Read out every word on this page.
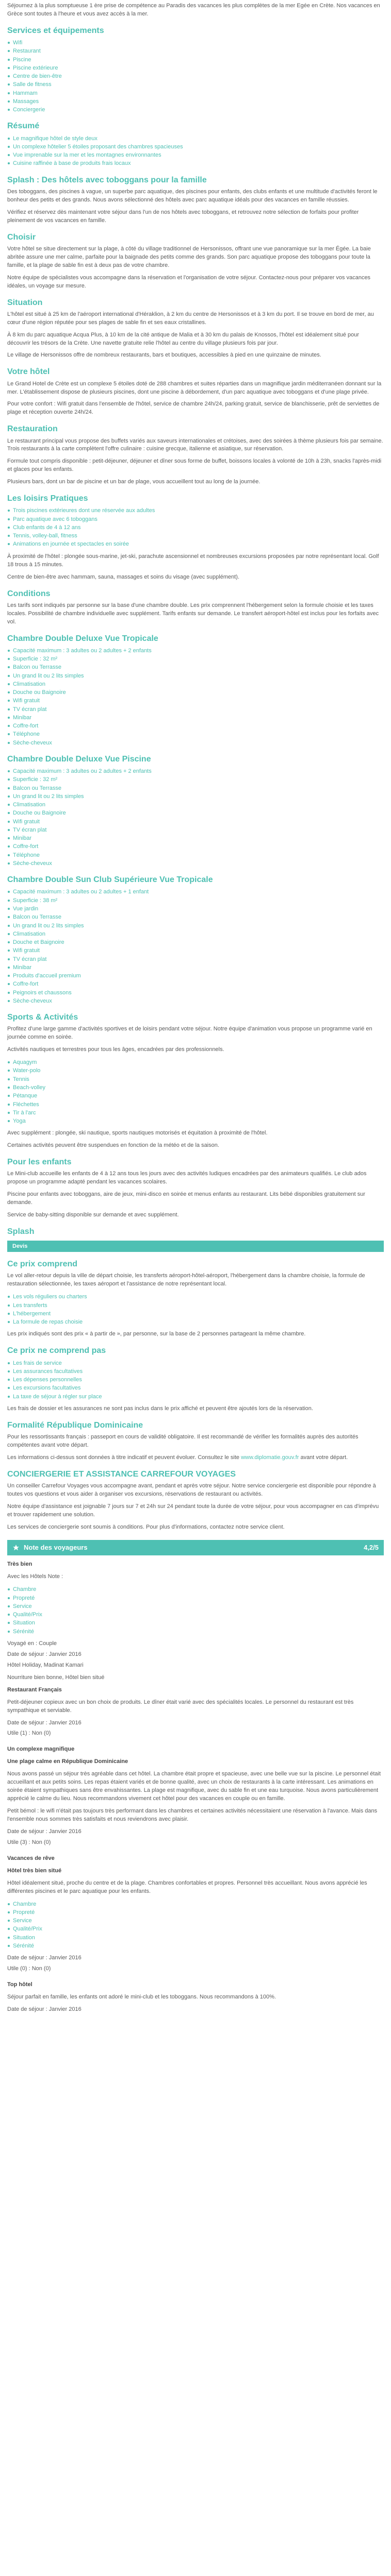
Séjournez à la plus somptueuse 1 ère prise de compétence au Paradis des vacances les plus complètes de la mer Egée en Crète. Nos vacances en Grèce sont toutes à l'heure et vous avez accès à la mer.

Services et équipements
Wifi
Restaurant
Piscine
Piscine extérieure
Centre de bien-être
Salle de fitness
Hammam
Massages
Conciergerie
Résumé
Le magnifique hôtel de style deux
Un complexe hôtelier 5 étoiles proposant des chambres spacieuses
Vue imprenable sur la mer et les montagnes environnantes
Cuisine raffinée à base de produits frais locaux
Splash : Des hôtels avec toboggans pour la famille

Des toboggans, des piscines à vague, un superbe parc aquatique, des piscines pour enfants, des clubs enfants et une multitude d'activités feront le bonheur des petits et des grands. Nous avons sélectionné des hôtels avec parc aquatique idéals pour des vacances en famille réussies.

Vérifiez et réservez dès maintenant votre séjour dans l'un de nos hôtels avec toboggans, et retrouvez notre sélection de forfaits pour profiter pleinement de vos vacances en famille.

Choisir

Votre hôtel se situe directement sur la plage, à côté du village traditionnel de Hersonissos, offrant une vue panoramique sur la mer Égée. La baie abritée assure une mer calme, parfaite pour la baignade des petits comme des grands. Son parc aquatique propose des toboggans pour toute la famille, et la plage de sable fin est à deux pas de votre chambre.

Notre équipe de spécialistes vous accompagne dans la réservation et l'organisation de votre séjour. Contactez-nous pour préparer vos vacances idéales, un voyage sur mesure.

Situation

L'hôtel est situé à 25 km de l'aéroport international d'Héraklion, à 2 km du centre de Hersonissos et à 3 km du port. Il se trouve en bord de mer, au cœur d'une région réputée pour ses plages de sable fin et ses eaux cristallines.

À 8 km du parc aquatique Acqua Plus, à 10 km de la cité antique de Malia et à 30 km du palais de Knossos, l'hôtel est idéalement situé pour découvrir les trésors de la Crète. Une navette gratuite relie l'hôtel au centre du village plusieurs fois par jour.

Le village de Hersonissos offre de nombreux restaurants, bars et boutiques, accessibles à pied en une quinzaine de minutes.

Votre hôtel

Le Grand Hotel de Crète est un complexe 5 étoiles doté de 288 chambres et suites réparties dans un magnifique jardin méditerranéen donnant sur la mer. L'établissement dispose de plusieurs piscines, dont une piscine à débordement, d'un parc aquatique avec toboggans et d'une plage privée.

Pour votre confort : Wifi gratuit dans l'ensemble de l'hôtel, service de chambre 24h/24, parking gratuit, service de blanchisserie, prêt de serviettes de plage et réception ouverte 24h/24.

Restauration

Le restaurant principal vous propose des buffets variés aux saveurs internationales et crétoises, avec des soirées à thème plusieurs fois par semaine. Trois restaurants à la carte complètent l'offre culinaire : cuisine grecque, italienne et asiatique, sur réservation.

Formule tout compris disponible : petit-déjeuner, déjeuner et dîner sous forme de buffet, boissons locales à volonté de 10h à 23h, snacks l'après-midi et glaces pour les enfants.

Plusieurs bars, dont un bar de piscine et un bar de plage, vous accueillent tout au long de la journée.

Les loisirs Pratiques
Trois piscines extérieures dont une réservée aux adultes
Parc aquatique avec 6 toboggans
Club enfants de 4 à 12 ans
Tennis, volley-ball, fitness
Animations en journée et spectacles en soirée

À proximité de l'hôtel : plongée sous-marine, jet-ski, parachute ascensionnel et nombreuses excursions proposées par notre représentant local. Golf 18 trous à 15 minutes.

Centre de bien-être avec hammam, sauna, massages et soins du visage (avec supplément).

Conditions

Les tarifs sont indiqués par personne sur la base d'une chambre double. Les prix comprennent l'hébergement selon la formule choisie et les taxes locales. Possibilité de chambre individuelle avec supplément. Tarifs enfants sur demande. Le transfert aéroport-hôtel est inclus pour les forfaits avec vol.

Chambre Double Deluxe Vue Tropicale
Capacité maximum : 3 adultes ou 2 adultes + 2 enfants
Superficie : 32 m²
Balcon ou Terrasse
Un grand lit ou 2 lits simples
Climatisation
Douche ou Baignoire
Wifi gratuit
TV écran plat
Minibar
Coffre-fort
Téléphone
Sèche-cheveux
Chambre Double Deluxe Vue Piscine
Capacité maximum : 3 adultes ou 2 adultes + 2 enfants
Superficie : 32 m²
Balcon ou Terrasse
Un grand lit ou 2 lits simples
Climatisation
Douche ou Baignoire
Wifi gratuit
TV écran plat
Minibar
Coffre-fort
Téléphone
Sèche-cheveux
Chambre Double Sun Club Supérieure Vue Tropicale
Capacité maximum : 3 adultes ou 2 adultes + 1 enfant
Superficie : 38 m²
Vue jardin
Balcon ou Terrasse
Un grand lit ou 2 lits simples
Climatisation
Douche et Baignoire
Wifi gratuit
TV écran plat
Minibar
Produits d'accueil premium
Coffre-fort
Peignoirs et chaussons
Sèche-cheveux
Sports & Activités

Profitez d'une large gamme d'activités sportives et de loisirs pendant votre séjour. Notre équipe d'animation vous propose un programme varié en journée comme en soirée.

Activités nautiques et terrestres pour tous les âges, encadrées par des professionnels.

Aquagym
Water-polo
Tennis
Beach-volley
Pétanque
Fléchettes
Tir à l'arc
Yoga

Avec supplément : plongée, ski nautique, sports nautiques motorisés et équitation à proximité de l'hôtel.

Certaines activités peuvent être suspendues en fonction de la météo et de la saison.

Pour les enfants

Le Mini-club accueille les enfants de 4 à 12 ans tous les jours avec des activités ludiques encadrées par des animateurs qualifiés. Le club ados propose un programme adapté pendant les vacances scolaires.

Piscine pour enfants avec toboggans, aire de jeux, mini-disco en soirée et menus enfants au restaurant. Lits bébé disponibles gratuitement sur demande.

Service de baby-sitting disponible sur demande et avec supplément.

Splash
Devis
Ce prix comprend

Le vol aller-retour depuis la ville de départ choisie, les transferts aéroport-hôtel-aéroport, l'hébergement dans la chambre choisie, la formule de restauration sélectionnée, les taxes aéroport et l'assistance de notre représentant local.

Les vols réguliers ou charters
Les transferts
L'hébergement
La formule de repas choisie

Les prix indiqués sont des prix « à partir de », par personne, sur la base de 2 personnes partageant la même chambre.

Ce prix ne comprend pas
Les frais de service
Les assurances facultatives
Les dépenses personnelles
Les excursions facultatives
La taxe de séjour à régler sur place

Les frais de dossier et les assurances ne sont pas inclus dans le prix affiché et peuvent être ajoutés lors de la réservation.

Formalité République Dominicaine

Pour les ressortissants français : passeport en cours de validité obligatoire. Il est recommandé de vérifier les formalités auprès des autorités compétentes avant votre départ.

Les informations ci-dessus sont données à titre indicatif et peuvent évoluer. Consultez le site www.diplomatie.gouv.fr avant votre départ.

CONCIERGERIE ET ASSISTANCE CARREFOUR VOYAGES

Un conseiller Carrefour Voyages vous accompagne avant, pendant et après votre séjour. Notre service conciergerie est disponible pour répondre à toutes vos questions et vous aider à organiser vos excursions, réservations de restaurant ou activités.

Notre équipe d'assistance est joignable 7 jours sur 7 et 24h sur 24 pendant toute la durée de votre séjour, pour vous accompagner en cas d'imprévu et trouver rapidement une solution.

Les services de conciergerie sont soumis à conditions. Pour plus d'informations, contactez notre service client.

Note des voyageurs	4,2/5

Très bien

Avec les Hôtels Note :

Chambre
Propreté
Service
Qualité/Prix
Situation
Sérénité

Voyagé en : Couple

Date de séjour : Janvier 2016

Hôtel Holiday, Madinat Kamari

Nourriture bien bonne, Hôtel bien situé

Restaurant Français

Petit-déjeuner copieux avec un bon choix de produits. Le dîner était varié avec des spécialités locales. Le personnel du restaurant est très sympathique et serviable.

Date de séjour : Janvier 2016

Utile (1) : Non (0)

Un complexe magnifique

Une plage calme en République Dominicaine

Nous avons passé un séjour très agréable dans cet hôtel. La chambre était propre et spacieuse, avec une belle vue sur la piscine. Le personnel était accueillant et aux petits soins. Les repas étaient variés et de bonne qualité, avec un choix de restaurants à la carte intéressant. Les animations en soirée étaient sympathiques sans être envahissantes. La plage est magnifique, avec du sable fin et une eau turquoise. Nous avons particulièrement apprécié le calme du lieu. Nous recommandons vivement cet hôtel pour des vacances en couple ou en famille.

Petit bémol : le wifi n'était pas toujours très performant dans les chambres et certaines activités nécessitaient une réservation à l'avance. Mais dans l'ensemble nous sommes très satisfaits et nous reviendrons avec plaisir.

Date de séjour : Janvier 2016

Utile (3) : Non (0)

Vacances de rêve

Hôtel très bien situé

Hôtel idéalement situé, proche du centre et de la plage. Chambres confortables et propres. Personnel très accueillant. Nous avons apprécié les différentes piscines et le parc aquatique pour les enfants.

Chambre
Propreté
Service
Qualité/Prix
Situation
Sérénité

Date de séjour : Janvier 2016

Utile (0) : Non (0)

Top hôtel

Séjour parfait en famille, les enfants ont adoré le mini-club et les toboggans. Nous recommandons à 100%.

Date de séjour : Janvier 2016
